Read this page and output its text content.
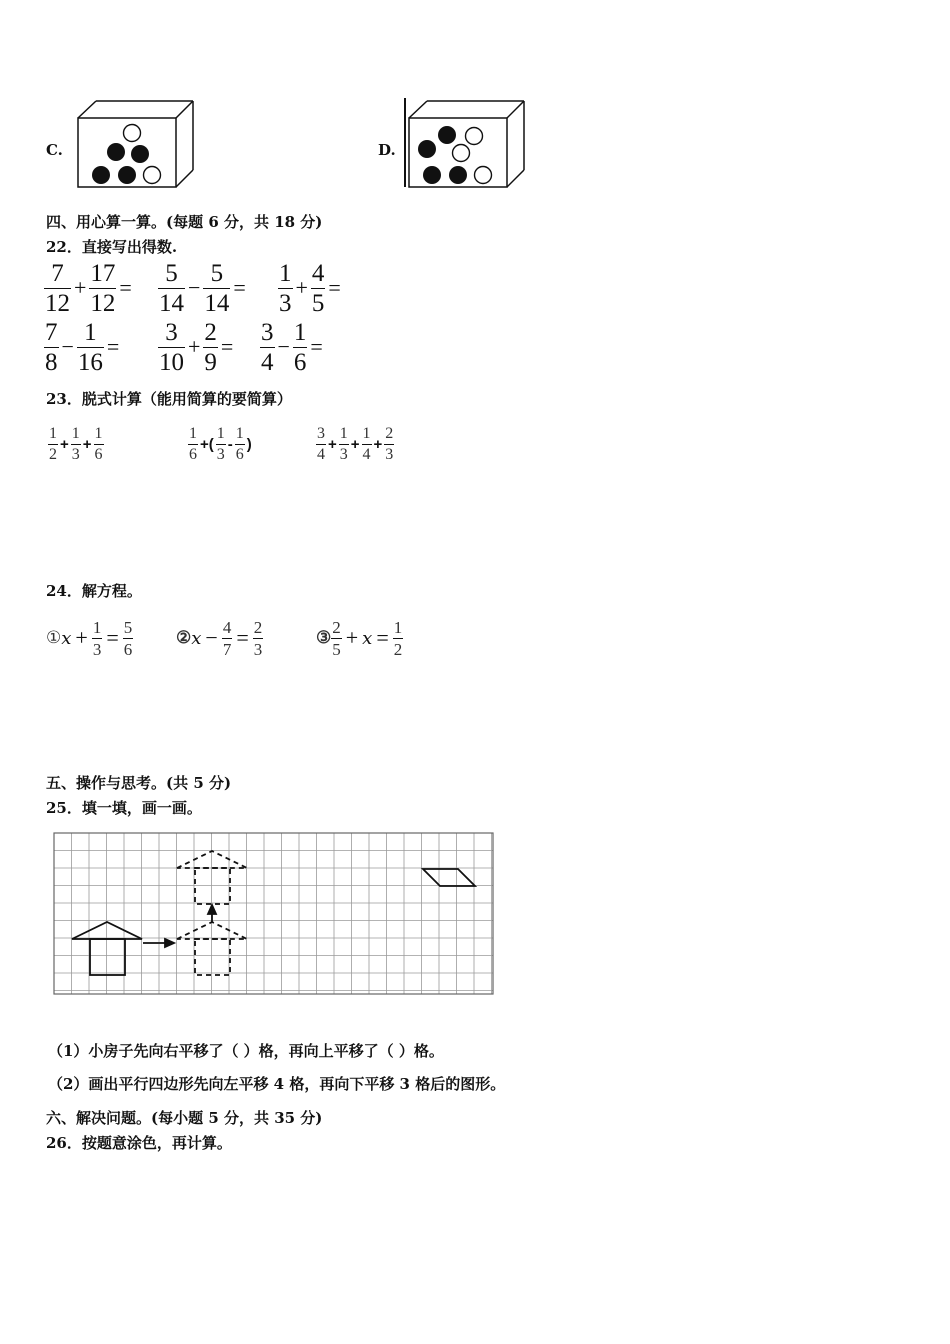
C.	D.
四、用心算一算。(每题 6 分，共 18 分)
22．直接写出得数.
$\frac{7}{12} + \frac{17}{12} = \frac{5}{14} - \frac{5}{14} = \frac{1}{3} + \frac{4}{5}$ =
$\frac{7}{8} - \frac{1}{16} = \frac{3}{10} + \frac{2}{9} = \frac{3}{4} - \frac{1}{6}$ =
23．脱式计算（能用简算的要简算）
$\frac{1}{2} + \frac{1}{3} + \frac{1}{6}$	$\frac{1}{6}$ +( $\frac{1}{3} - \frac{1}{6}$ )	$\frac{3}{4} + \frac{1}{3} + \frac{1}{4} + \frac{2}{3}$
24．解方程。
① $x + \frac{1}{3} = \frac{5}{6}$	② $x - \frac{4}{7} = \frac{2}{3}$	③ $\frac{2}{5} + x = \frac{1}{2}$
五、操作与思考。(共 5 分)
25．填一填，画一画。
（1）小房子先向右平移了（ ）格，再向上平移了（ ）格。
（2）画出平行四边形先向左平移 4 格，再向下平移 3 格后的图形。
六、解决问题。(每小题 5 分，共 35 分)
26．按题意涂色，再计算。
